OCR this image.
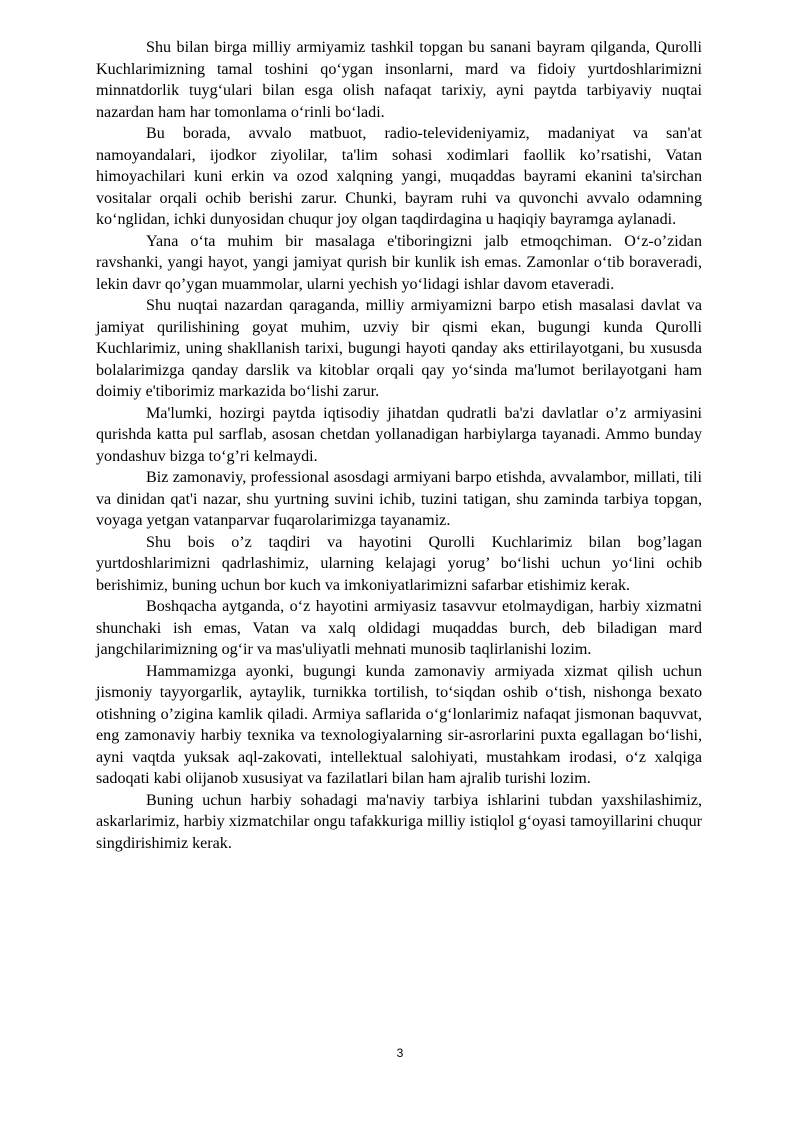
Shu bilan birga milliy armiyamiz tashkil topgan bu sanani bayram qilganda, Qurolli Kuchlarimizning tamal toshini qo‘ygan insonlarni, mard va fidoiy yurtdoshlarimizni minnatdorlik tuyg‘ulari bilan esga olish nafaqat tarixiy, ayni paytda tarbiyaviy nuqtai nazardan ham har tomonlama o‘rinli bo‘ladi.

Bu borada, avvalo matbuot, radio-televideniyamiz, madaniyat va san'at namoyandalari, ijodkor ziyolilar, ta'lim sohasi xodimlari faollik ko’rsatishi, Vatan himoyachilari kuni erkin va ozod xalqning yangi, muqaddas bayrami ekanini ta'sirchan vositalar orqali ochib berishi zarur. Chunki, bayram ruhi va quvonchi avvalo odamning ko‘nglidan, ichki dunyosidan chuqur joy olgan taqdirdagina u haqiqiy bayramga aylanadi.

Yana o‘ta muhim bir masalaga e'tiboringizni jalb etmoqchiman. O‘z-o’zidan ravshanki, yangi hayot, yangi jamiyat qurish bir kunlik ish emas. Zamonlar o‘tib boraveradi, lekin davr qo’ygan muammolar, ularni yechish yo‘lidagi ishlar davom etaveradi.

Shu nuqtai nazardan qaraganda, milliy armiyamizni barpo etish masalasi davlat va jamiyat qurilishining goyat muhim, uzviy bir qismi ekan, bugungi kunda Qurolli Kuchlarimiz, uning shakllanish tarixi, bugungi hayoti qanday aks ettirilayotgani, bu xususda bolalarimizga qanday darslik va kitoblar orqali qay yo‘sinda ma'lumot berilayotgani ham doimiy e'tiborimiz markazida bo‘lishi zarur.

Ma'lumki, hozirgi paytda iqtisodiy jihatdan qudratli ba'zi davlatlar o’z armiyasini qurishda katta pul sarflab, asosan chetdan yollanadigan harbiylarga tayanadi. Ammo bunday yondashuv bizga to‘g’ri kelmaydi.

Biz zamonaviy, professional asosdagi armiyani barpo etishda, avvalambor, millati, tili va dinidan qat'i nazar, shu yurtning suvini ichib, tuzini tatigan, shu zaminda tarbiya topgan, voyaga yetgan vatanparvar fuqarolarimizga tayanamiz.

Shu bois o’z taqdiri va hayotini Qurolli Kuchlarimiz bilan bog’lagan yurtdoshlarimizni qadrlashimiz, ularning kelajagi yorug’ bo‘lishi uchun yo‘lini ochib berishimiz, buning uchun bor kuch va imkoniyatlarimizni safarbar etishimiz kerak.

Boshqacha aytganda, o‘z hayotini armiyasiz tasavvur etolmaydigan, harbiy xizmatni shunchaki ish emas, Vatan va xalq oldidagi muqaddas burch, deb biladigan mard jangchilarimizning og‘ir va mas'uliyatli mehnati munosib taqlirlanishi lozim.

Hammamizga ayonki, bugungi kunda zamonaviy armiyada xizmat qilish uchun jismoniy tayyorgarlik, aytaylik, turnikka tortilish, to‘siqdan oshib o‘tish, nishonga bexato otishning o’zigina kamlik qiladi. Armiya saflarida o‘g‘lonlarimiz nafaqat jismonan baquvvat, eng zamonaviy harbiy texnika va texnologiyalarning sir-asrorlarini puxta egallagan bo‘lishi, ayni vaqtda yuksak aql-zakovati, intellektual salohiyati, mustahkam irodasi, o‘z xalqiga sadoqati kabi olijanob xususiyat va fazilatlari bilan ham ajralib turishi lozim.

Buning uchun harbiy sohadagi ma'naviy tarbiya ishlarini tubdan yaxshilashimiz, askarlarimiz, harbiy xizmatchilar ongu tafakkuriga milliy istiqlol g‘oyasi tamoyillarini chuqur singdirishimiz kerak.

3
